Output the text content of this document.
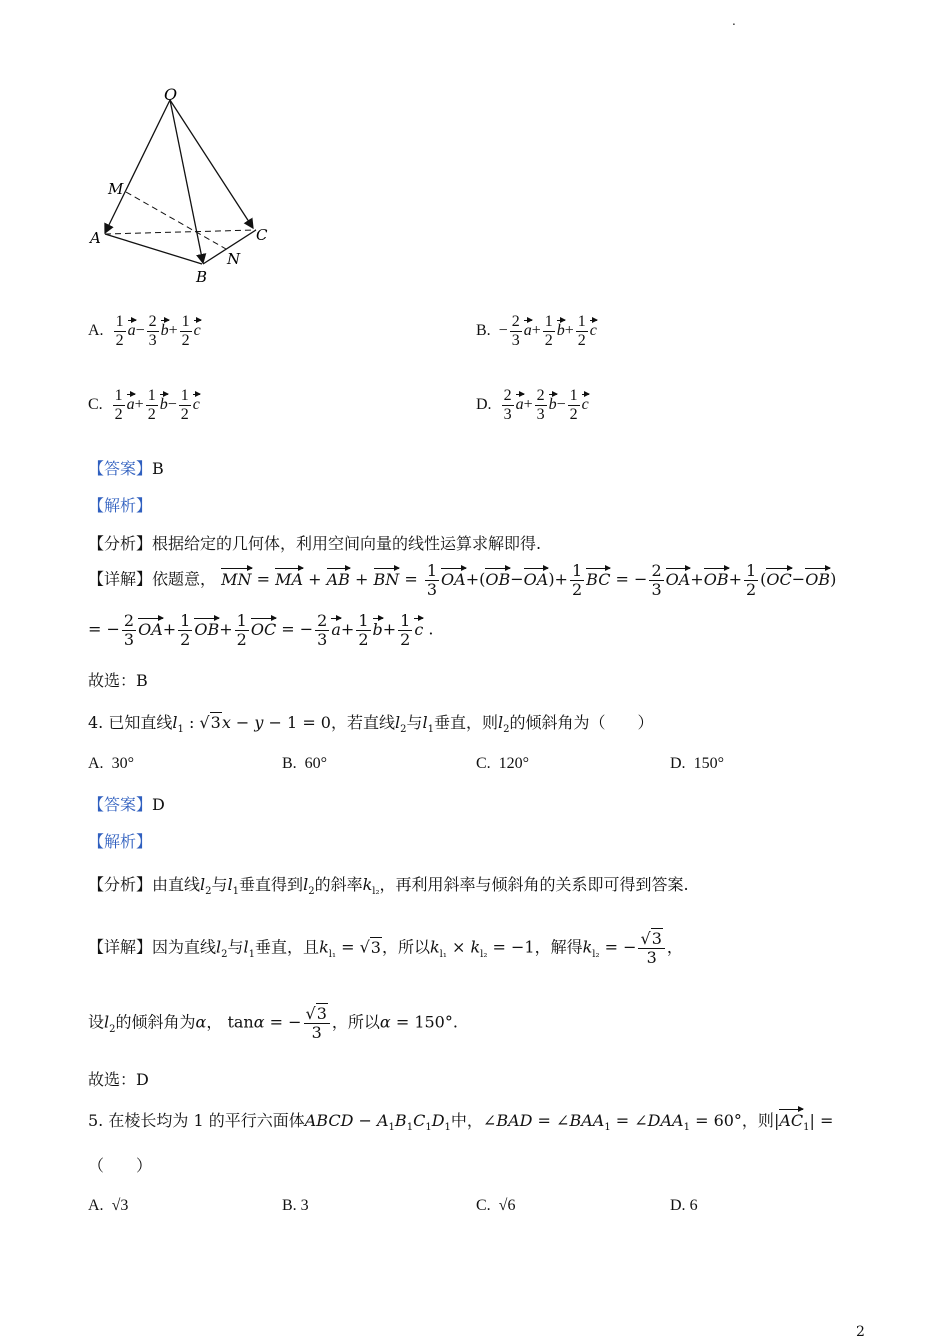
.
2
O
M
A
B
C
N
A. $\frac{1}{2} a- \frac{2}{3} b+ \frac{1}{2}$ c	B.  − $\frac{2}{3} a+ \frac{1}{2} b+ \frac{1}{2}$ c
C. $\frac{1}{2} a+ \frac{1}{2} b- \frac{1}{2}$ c	D. $\frac{2}{3} a+ \frac{2}{3} b- \frac{1}{2}$ c
【答案】B
【解析】
【分析】根据给定的几何体，利用空间向量的线性运算求解即得.
【详解】依题意， MN = MA + AB + BN = $\frac{1}{3} OA+(OB-OA)+ \frac{1}{2}$ BC = − $\frac{2}{3} OA+OB+ \frac{1}{2} (OC-OB)$
= − $\frac{2}{3} OA+ \frac{1}{2} OB+ \frac{1}{2}$ OC = − $\frac{2}{3} a+ \frac{1}{2} b+ \frac{1}{2}$ c .
故选：B
4. 已知直线$l_1$ : √3x − y − 1 = 0，若直线$l_2$与$l_1$垂直，则$l_2$的倾斜角为（　　）
A. 30°	B. 60°	C. 120°	D. 150°
【答案】D
【解析】
【分析】由直线$l_2$与$l_1$垂直得到$l_2$的斜率$k_{l_2}$，再利用斜率与倾斜角的关系即可得到答案.
【详解】因为直线$l_2$与$l_1$垂直，且$k_{l_1} = √3$，所以$k_{l_1} \times k_{l_2} = -1$，解得$k_{l_2}$ = − $\frac{√3}{3}$ ，
设$l_2$的倾斜角为α， tanα = − $\frac{√3}{3}$ ，所以α = 150°.
故选：D
5. 在棱长均为 1 的平行六面体ABCD − $A_1B_1C_1D_1$中，∠BAD = $\angle BAA_1$ = $\angle DAA_1 = 60^\circ$，则$|AC_1|$ =
（　　）
A. √3	B. 3	C. √6	D. 6
